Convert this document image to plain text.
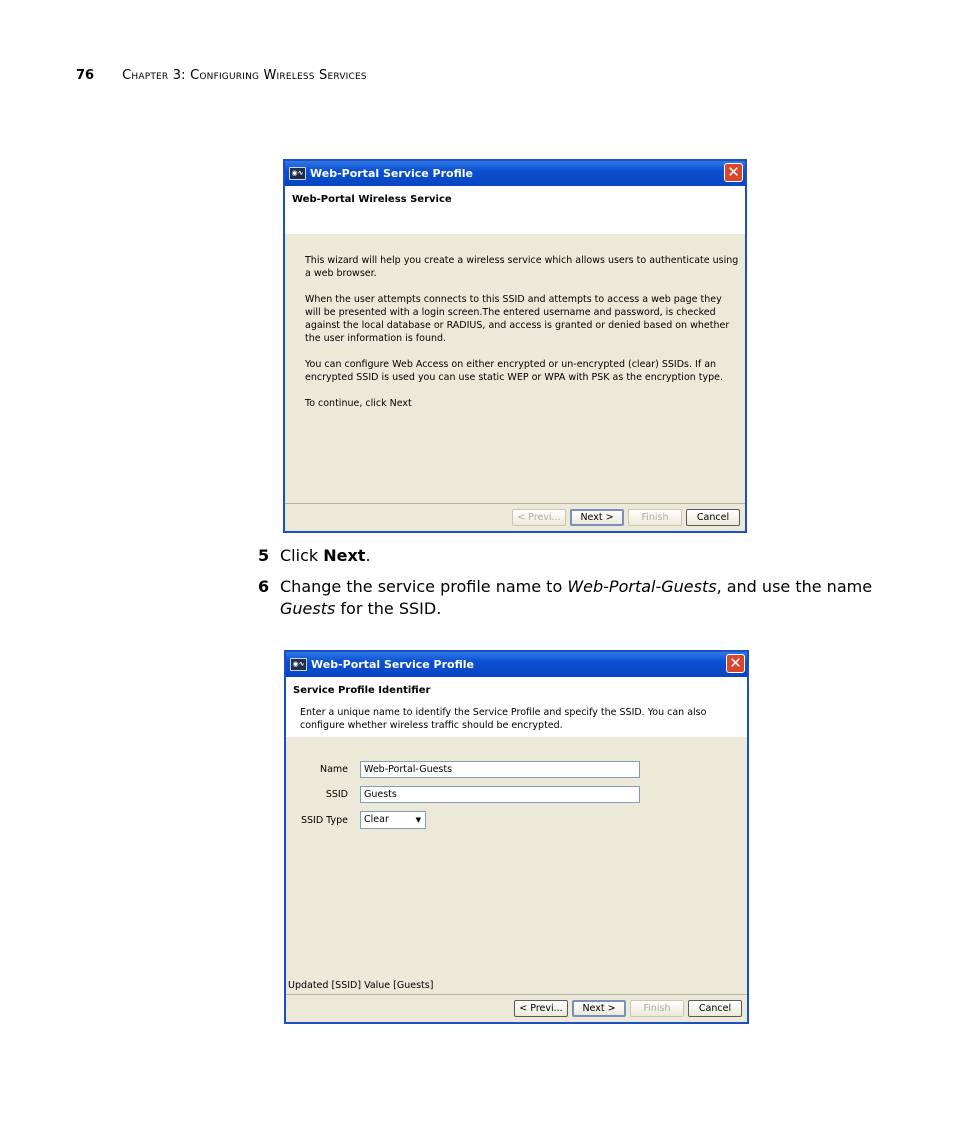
76 Chapter 3: Configuring Wireless Services
◉∿ Web-Portal Service Profile	✕
Web-Portal Wireless Service

This wizard will help you create a wireless service which allows users to authenticate using a web browser.

When the user attempts connects to this SSID and attempts to access a web page they will be presented with a login screen.The entered username and password, is checked against the local database or RADIUS, and access is granted or denied based on whether the user information is found.

You can configure Web Access on either encrypted or un-encrypted (clear) SSIDs. If an encrypted SSID is used you can use static WEP or WPA with PSK as the encryption type.

To continue, click Next

< Previ...	Next >	Finish	Cancel
5 Click Next.
6 Change the service profile name to Web-Portal-Guests, and use the name Guests for the SSID.
◉∿ Web-Portal Service Profile	✕
Service Profile Identifier
Enter a unique name to identify the Service Profile and specify the SSID. You can also configure whether wireless traffic should be encrypted.
Name	Web-Portal-Guests
SSID	Guests
SSID Type	Clear	▼
Updated [SSID] Value [Guests]
< Previ...	Next >	Finish	Cancel
